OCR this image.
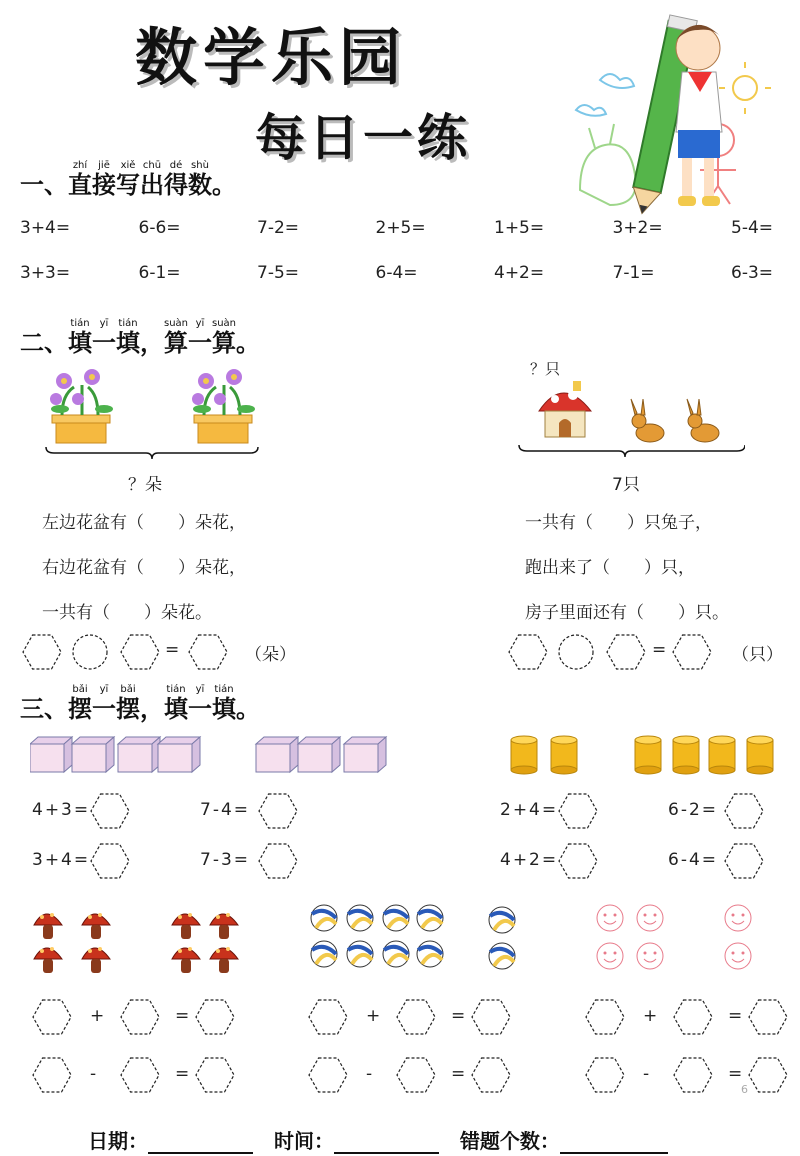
数学乐园
每日一练
一、直zhí接jiē写xiě出chū得dé数shù。
3+4=	6-6=	7-2=	2+5=	1+5=	3+2=	5-4=
3+3=	6-1=	7-5=	6-4=	4+2=	7-1=	6-3=
二、填tián一yī填tián，算suàn一yī算suàn。
？朵
？只
7只
左边花盆有（　　）朵花，
右边花盆有（　　）朵花，
一共有（　　）朵花。
一共有（　　）只兔子，
跑出来了（　　）只，
房子里面还有（　　）只。
=	（朵）	=	（只）
三、摆bǎi一yī摆bǎi，填tián一yī填tián。
6
日期：	时间：	错题个数：
4+3=	7-4=
3+4=	7-3=
2+4=	6-2=
4+2=	6-4=
+	=
-	=
+	=
-	=
+	=
-	=
